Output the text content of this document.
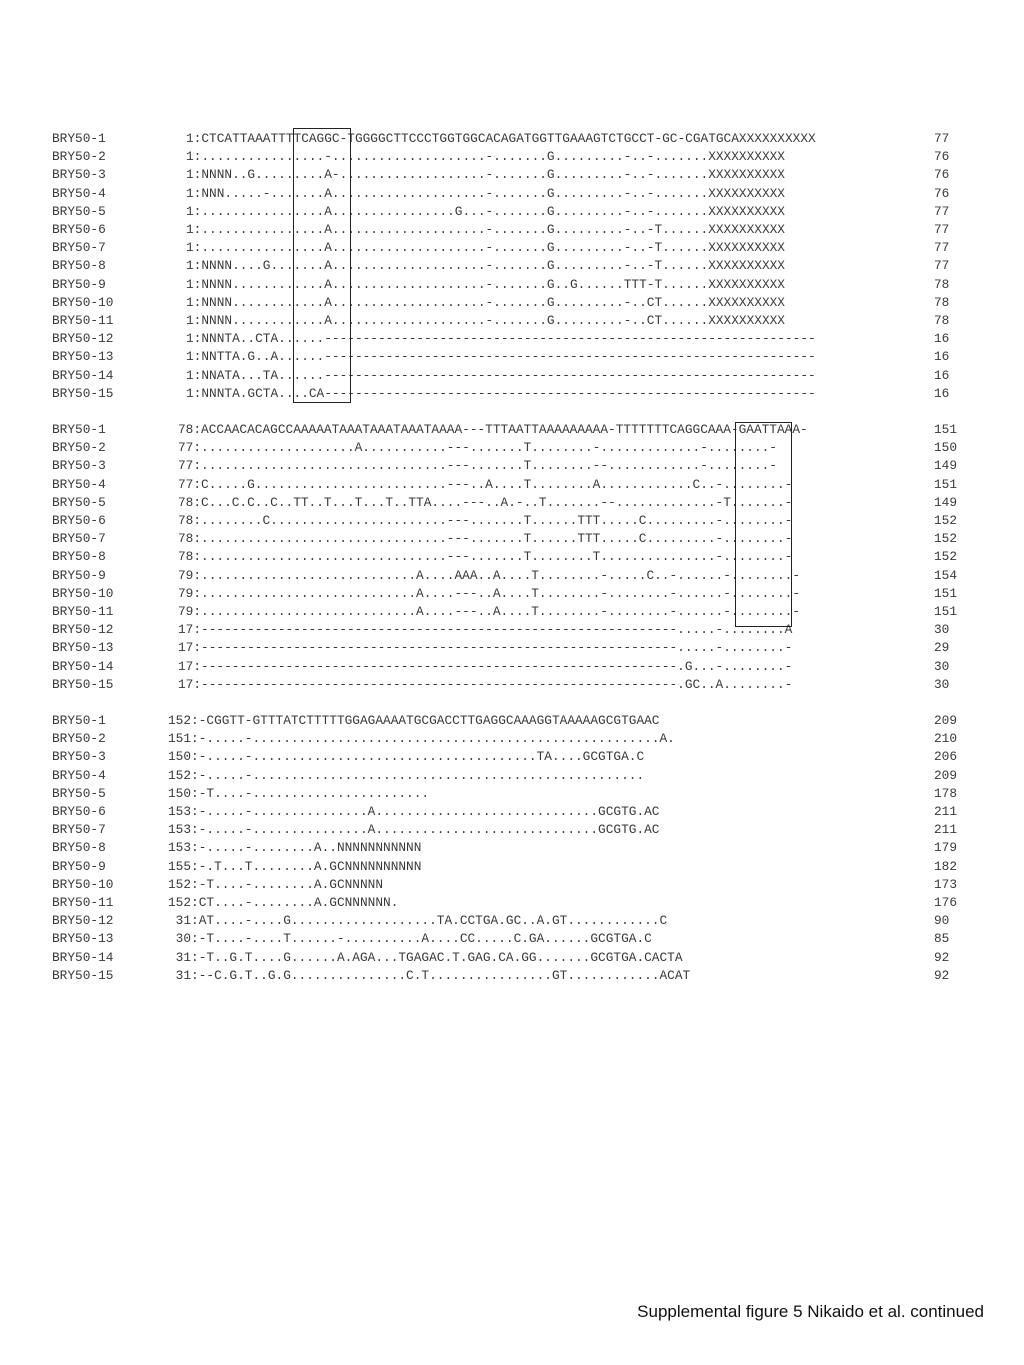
BRY50-1	1:CTCATTAAATTTTCAGGC-TGGGGCTTCCCTGGTGGCACAGATGGTTGAAAGTCTGCCT-GC-CGATGCAXXXXXXXXXX	77
BRY50-2	1:................-....................-.......G.........-..-.......XXXXXXXXXX	76
BRY50-3	1:NNNN..G.........A-...................-.......G.........-..-.......XXXXXXXXXX	76
BRY50-4	1:NNN.....-.......A....................-.......G.........-..-.......XXXXXXXXXX	76
BRY50-5	1:................A................G...-.......G.........-..-.......XXXXXXXXXX	77
BRY50-6	1:................A....................-.......G.........-..-T......XXXXXXXXXX	77
BRY50-7	1:................A....................-.......G.........-..-T......XXXXXXXXXX	77
BRY50-8	1:NNNN....G.......A....................-.......G.........-..-T......XXXXXXXXXX	77
BRY50-9	1:NNNN............A....................-.......G..G......TTT-T......XXXXXXXXXX	78
BRY50-10	1:NNNN............A....................-.......G.........-..CT......XXXXXXXXXX	78
BRY50-11	1:NNNN............A....................-.......G.........-..CT......XXXXXXXXXX	78
BRY50-12	1:NNNTA..CTA......----------------------------------------------------------------	16
BRY50-13	1:NNTTA.G..A......----------------------------------------------------------------	16
BRY50-14	1:NNATA...TA......----------------------------------------------------------------	16
BRY50-15	1:NNNTA.GCTA....CA----------------------------------------------------------------	16
BRY50-1	78:ACCAACACAGCCAAAAATAAATAAATAAATAAAA---TTTAATTAAAAAAAAA-TTTTTTTCAGGCAAA-GAATTAAA-	151
BRY50-2	77:....................A...........---.......T........-.............-........-	150
BRY50-3	77:................................---.......T........--............-........-	149
BRY50-4	77:C.....G.........................---..A....T........A............C..-........-	151
BRY50-5	78:C...C.C..C..TT..T...T...T..TTA....---..A.-..T.......--.............-T.......-	149
BRY50-6	78:........C.......................---.......T......TTT.....C.........-........-	152
BRY50-7	78:................................---.......T......TTT.....C.........-........-	152
BRY50-8	78:................................---.......T........T...............-........-	152
BRY50-9	79:............................A....AAA..A....T........-.....C..-......-........-	154
BRY50-10	79:............................A....---..A....T........-........-......-........-	151
BRY50-11	79:............................A....---..A....T........-........-......-........-	151
BRY50-12	17:--------------------------------------------------------------.....-........A	30
BRY50-13	17:--------------------------------------------------------------.....-........-	29
BRY50-14	17:--------------------------------------------------------------.G...-........-	30
BRY50-15	17:--------------------------------------------------------------.GC..A........-	30
BRY50-1	152:-CGGTT-GTTTATCTTTTTGGAGAAAATGCGACCTTGAGGCAAAGGTAAAAAGCGTGAAC	209
BRY50-2	151:-.....-.....................................................A.	210
BRY50-3	150:-.....-.....................................TA....GCGTGA.C	206
BRY50-4	152:-.....-...................................................	209
BRY50-5	150:-T....-.......................	178
BRY50-6	153:-.....-...............A.............................GCGTG.AC	211
BRY50-7	153:-.....-...............A.............................GCGTG.AC	211
BRY50-8	153:-.....-........A..NNNNNNNNNNN	179
BRY50-9	155:-.T...T........A.GCNNNNNNNNNN	182
BRY50-10	152:-T....-........A.GCNNNNN	173
BRY50-11	152:CT....-........A.GCNNNNNN.	176
BRY50-12	31:AT....-....G...................TA.CCTGA.GC..A.GT............C	90
BRY50-13	30:-T....-....T......-..........A....CC.....C.GA......GCGTGA.C	85
BRY50-14	31:-T..G.T....G......A.AGA...TGAGAC.T.GAG.CA.GG.......GCGTGA.CACTA	92
BRY50-15	31:--C.G.T..G.G...............C.T................GT............ACAT	92
Supplemental figure 5 Nikaido et al. continued
